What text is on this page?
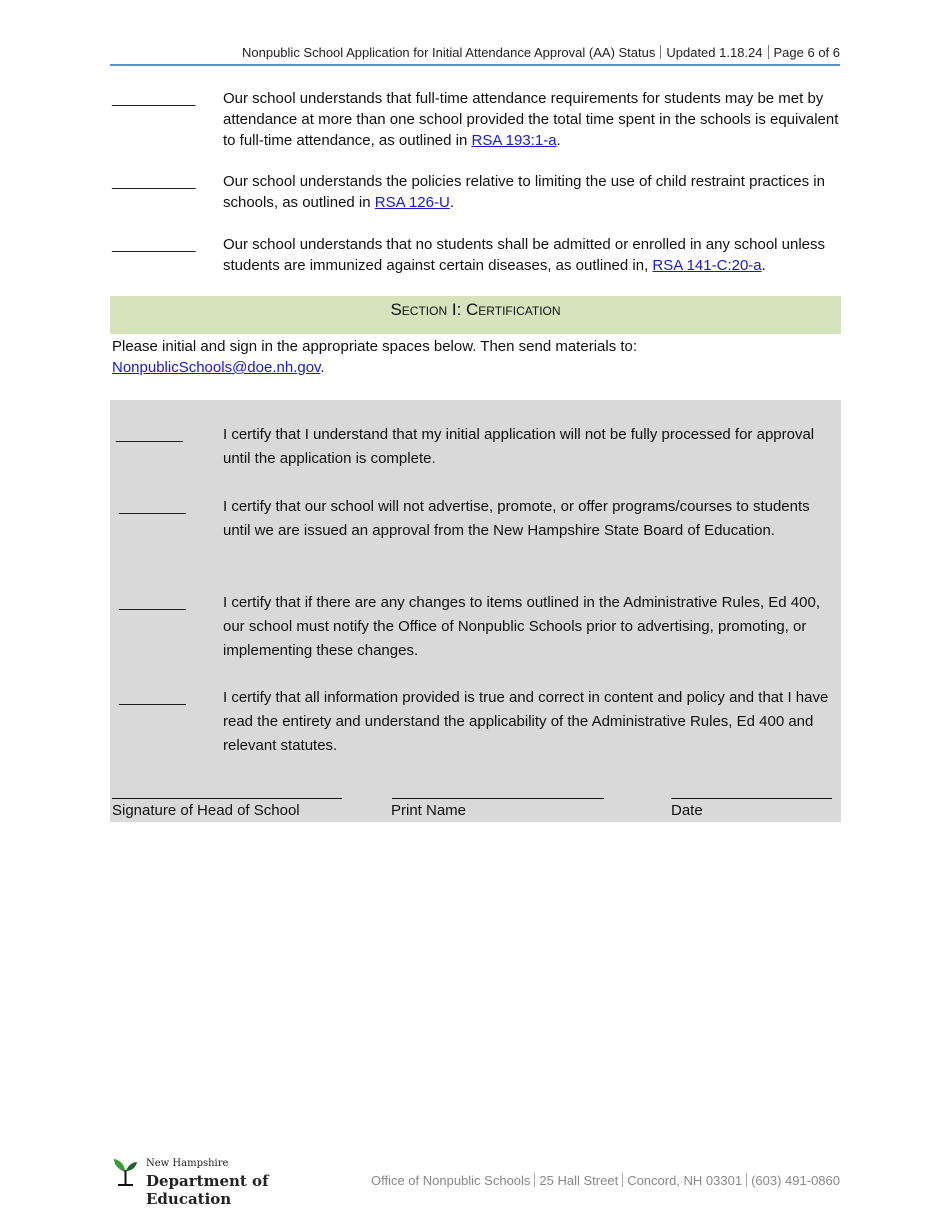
Nonpublic School Application for Initial Attendance Approval (AA) Status Updated 1.18.24 Page 6 of 6
__________ Our school understands that full-time attendance requirements for students may be met by attendance at more than one school provided the total time spent in the schools is equivalent to full-time attendance, as outlined in RSA 193:1-a.
__________ Our school understands the policies relative to limiting the use of child restraint practices in schools, as outlined in RSA 126-U.
__________ Our school understands that no students shall be admitted or enrolled in any school unless students are immunized against certain diseases, as outlined in, RSA 141-C:20-a.
Section I: Certification
Please initial and sign in the appropriate spaces below. Then send materials to:
NonpublicSchools@doe.nh.gov.
________	I certify that I understand that my initial application will not be fully processed for approval until the application is complete.
________	I certify that our school will not advertise, promote, or offer programs/courses to students until we are issued an approval from the New Hampshire State Board of Education.
________	I certify that if there are any changes to items outlined in the Administrative Rules, Ed 400, our school must notify the Office of Nonpublic Schools prior to advertising, promoting, or implementing these changes.
________	I certify that all information provided is true and correct in content and policy and that I have read the entirety and understand the applicability of the Administrative Rules, Ed 400 and relevant statutes.
Signature of Head of School	Print Name	Date
New Hampshire
Department of Education
Office of Nonpublic Schools 25 Hall Street Concord, NH 03301 (603) 491-0860
